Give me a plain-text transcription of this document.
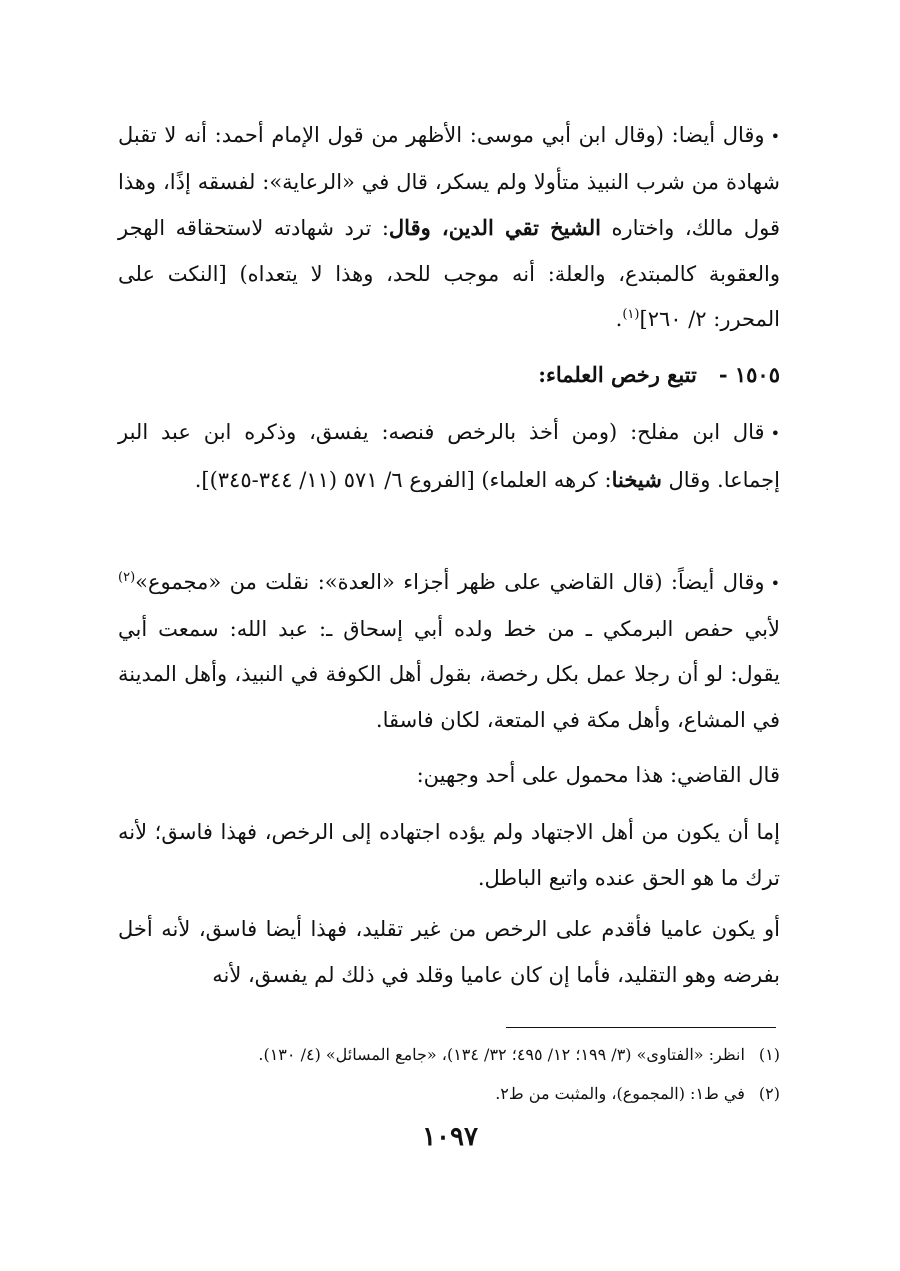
•وقال أيضا: (وقال ابن أبي موسى: الأظهر من قول الإمام أحمد: أنه لا تقبل شهادة من شرب النبيذ متأولا ولم يسكر، قال في «الرعاية»: لفسقه إذًا، وهذا قول مالك، واختاره الشيخ تقي الدين، وقال: ترد شهادته لاستحقاقه الهجر والعقوبة كالمبتدع، والعلة: أنه موجب للحد، وهذا لا يتعداه) [النكت على المحرر: ٢/ ٢٦٠]$^{(١)}$.
١٥٠٥ -تتبع رخص العلماء:
•قال ابن مفلح: (ومن أخذ بالرخص فنصه: يفسق، وذكره ابن عبد البر إجماعا. وقال شيخنا: كرهه العلماء) [الفروع ٦/ ٥٧١ (١١/ ٣٤٤-٣٤٥)].
•وقال أيضاً: (قال القاضي على ظهر أجزاء «العدة»: نقلت من «مجموع»$^{(٢)}$ لأبي حفص البرمكي ـ من خط ولده أبي إسحاق ـ: عبد الله: سمعت أبي يقول: لو أن رجلا عمل بكل رخصة، بقول أهل الكوفة في النبيذ، وأهل المدينة في المشاع، وأهل مكة في المتعة، لكان فاسقا.
قال القاضي: هذا محمول على أحد وجهين:
إما أن يكون من أهل الاجتهاد ولم يؤده اجتهاده إلى الرخص، فهذا فاسق؛ لأنه ترك ما هو الحق عنده واتبع الباطل.
أو يكون عاميا فأقدم على الرخص من غير تقليد، فهذا أيضا فاسق، لأنه أخل بفرضه وهو التقليد، فأما إن كان عاميا وقلد في ذلك لم يفسق، لأنه
(١)انظر: «الفتاوى» (٣/ ١٩٩؛ ١٢/ ٤٩٥؛ ٣٢/ ١٣٤)، «جامع المسائل» (٤/ ١٣٠).
(٢)في ط١: (المجموع)، والمثبت من ط٢.
١٠٩٧
